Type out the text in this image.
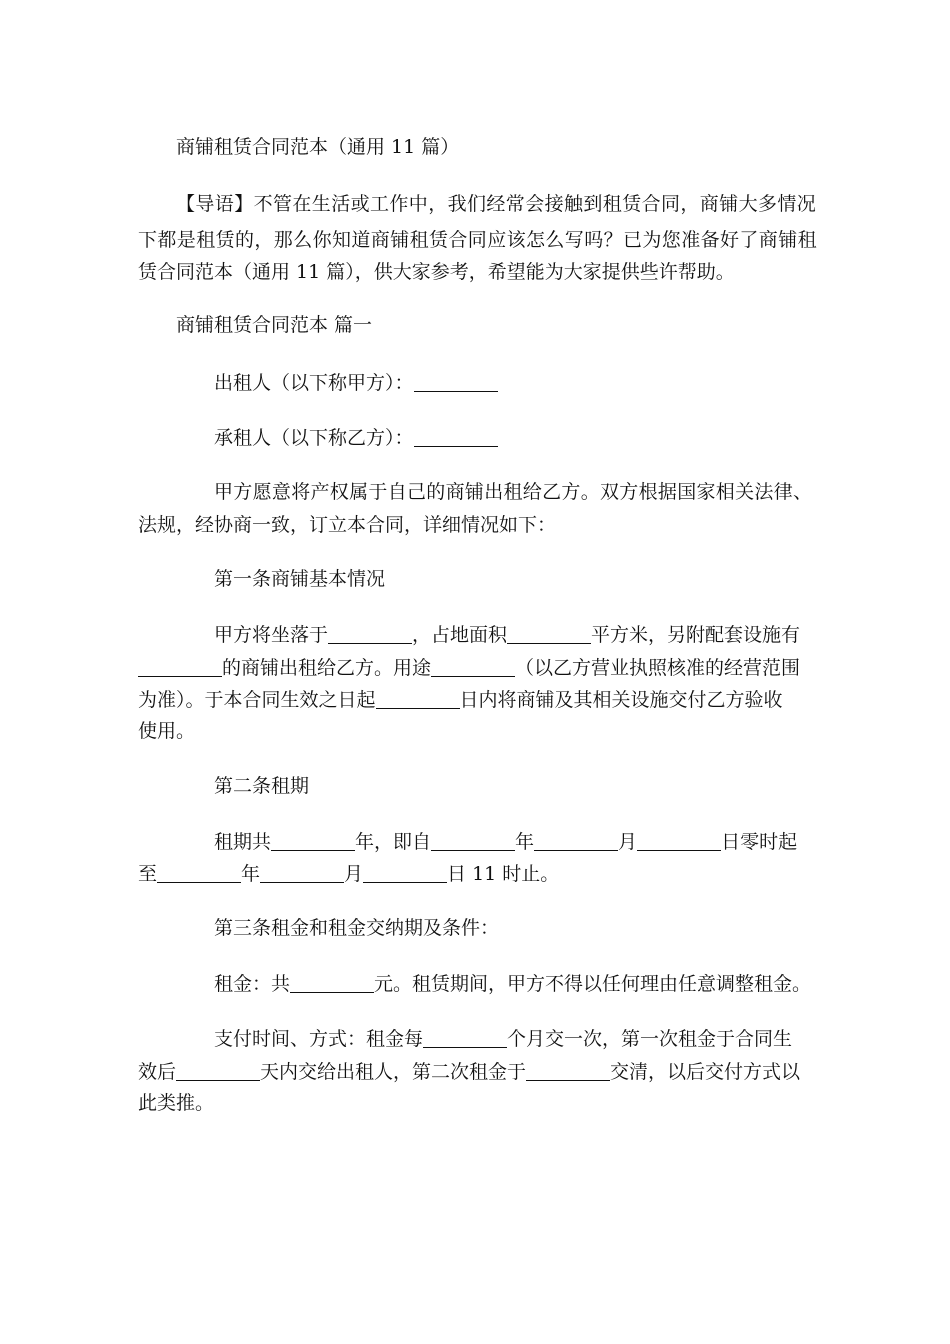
商铺租赁合同范本（通用 11 篇）
【导语】不管在生活或工作中，我们经常会接触到租赁合同，商铺大多情况
下都是租赁的，那么你知道商铺租赁合同应该怎么写吗？已为您准备好了商铺租
赁合同范本（通用 11 篇），供大家参考，希望能为大家提供些许帮助。
商铺租赁合同范本 篇一
出租人（以下称甲方）：
承租人（以下称乙方）：
甲方愿意将产权属于自己的商铺出租给乙方。双方根据国家相关法律、
法规，经协商一致，订立本合同，详细情况如下：
第一条商铺基本情况
甲方将坐落于	，占地面积	平方米，另附配套设施有
的商铺出租给乙方。用途	（以乙方营业执照核准的经营范围
为准）。于本合同生效之日起	日内将商铺及其相关设施交付乙方验收
使用。
第二条租期
租期共	年，即自	年	月	日零时起
至	年	月	日 11 时止。
第三条租金和租金交纳期及条件：
租金：共	元。租赁期间，甲方不得以任何理由任意调整租金。
支付时间、方式：租金每	个月交一次，第一次租金于合同生
效后	天内交给出租人，第二次租金于	交清，以后交付方式以
此类推。
